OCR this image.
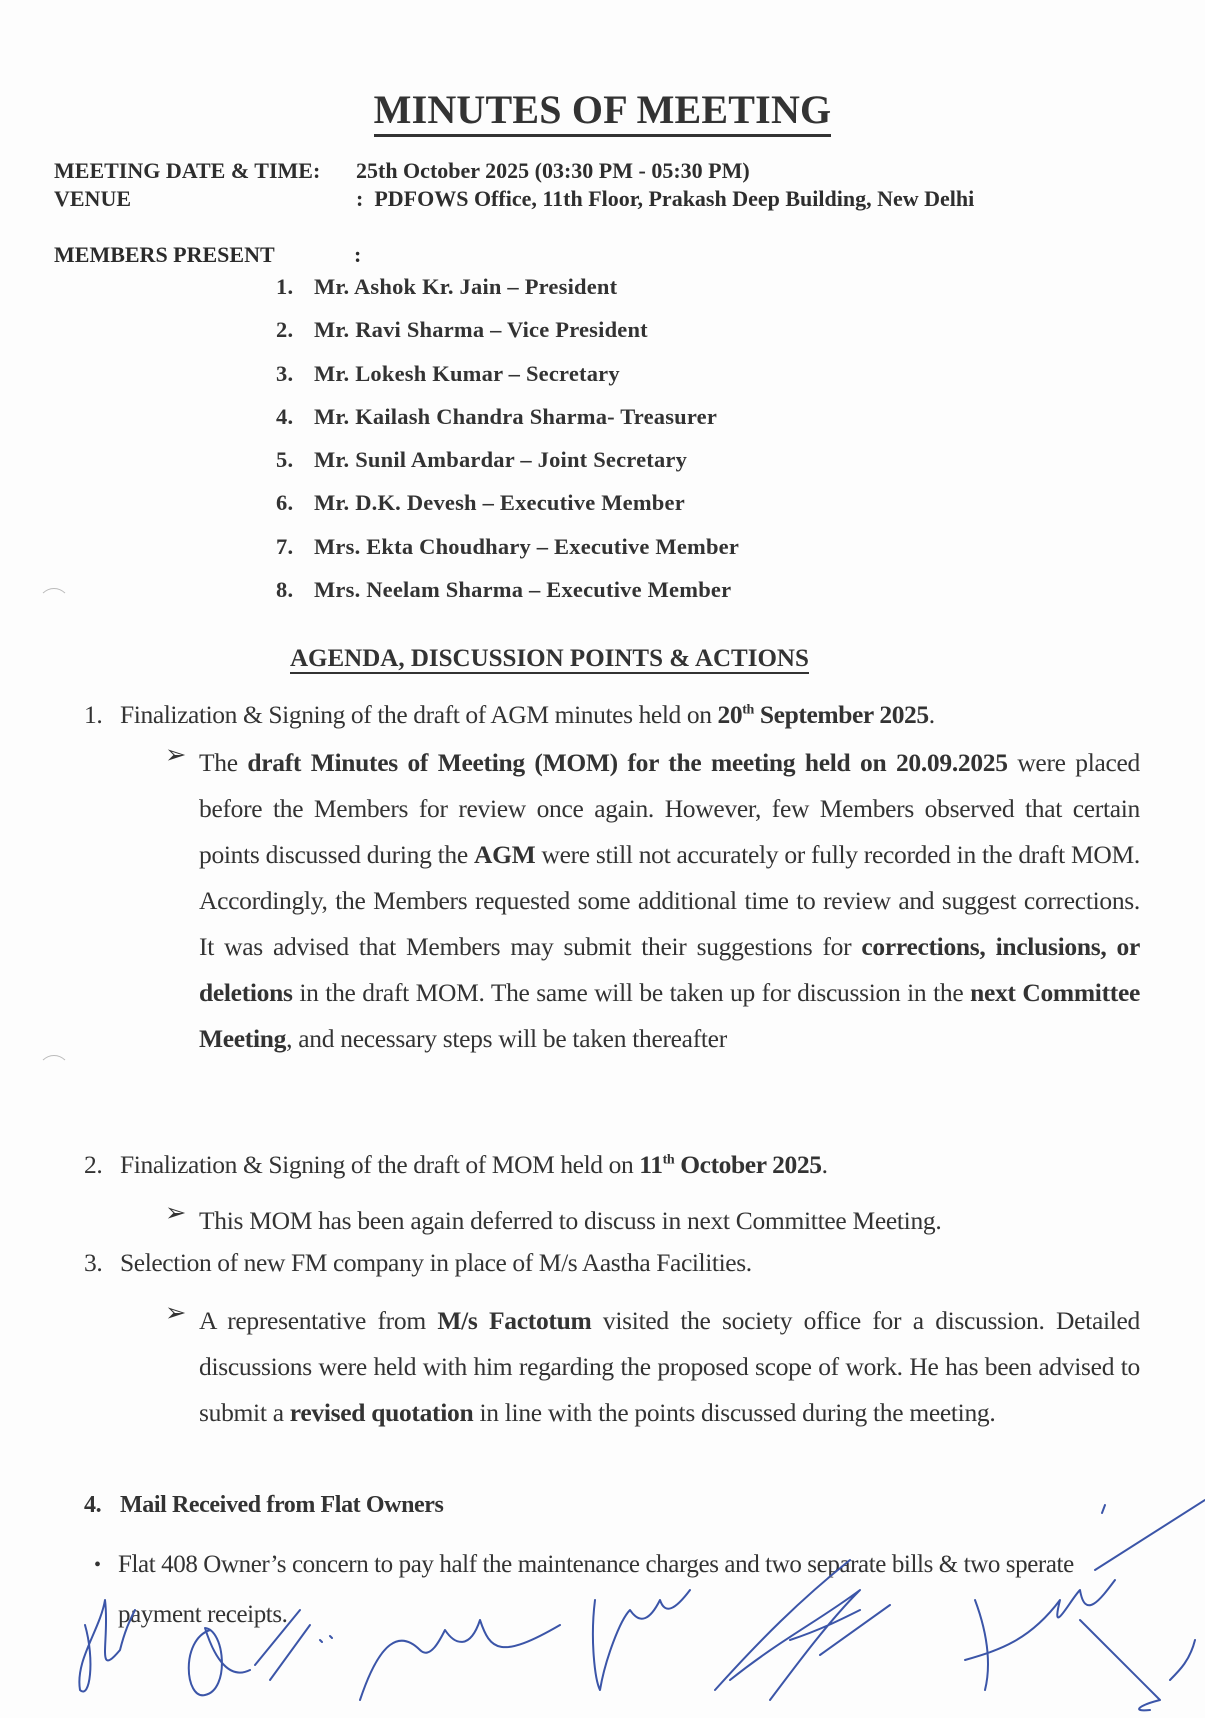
MINUTES OF MEETING
MEETING DATE & TIME:25th October 2025 (03:30 PM - 05:30 PM)
VENUE	: PDFOWS Office, 11th Floor, Prakash Deep Building, New Delhi
MEMBERS PRESENT	:
1. Mr. Ashok Kr. Jain – President
2. Mr. Ravi Sharma – Vice President
3. Mr. Lokesh Kumar – Secretary
4. Mr. Kailash Chandra Sharma- Treasurer
5. Mr. Sunil Ambardar – Joint Secretary
6. Mr. D.K. Devesh – Executive Member
7. Mrs. Ekta Choudhary – Executive Member
8. Mrs. Neelam Sharma – Executive Member
AGENDA, DISCUSSION POINTS & ACTIONS
1. Finalization & Signing of the draft of AGM minutes held on 20th September 2025.
➢ The draft Minutes of Meeting (MOM) for the meeting held on 20.09.2025 were placed before the Members for review once again. However, few Members observed that certain points discussed during the AGM were still not accurately or fully recorded in the draft MOM. Accordingly, the Members requested some additional time to review and suggest corrections. It was advised that Members may submit their suggestions for corrections, inclusions, or deletions in the draft MOM. The same will be taken up for discussion in the next Committee Meeting, and necessary steps will be taken thereafter

2. Finalization & Signing of the draft of MOM held on 11th October 2025.
➢ This MOM has been again deferred to discuss in next Committee Meeting.

3. Selection of new FM company in place of M/s Aastha Facilities.
➢ A representative from M/s Factotum visited the society office for a discussion. Detailed discussions were held with him regarding the proposed scope of work. He has been advised to submit a revised quotation in line with the points discussed during the meeting.

4. Mail Received from Flat Owners
• Flat 408 Owner’s concern to pay half the maintenance charges and two separate bills & two sperate payment receipts.
